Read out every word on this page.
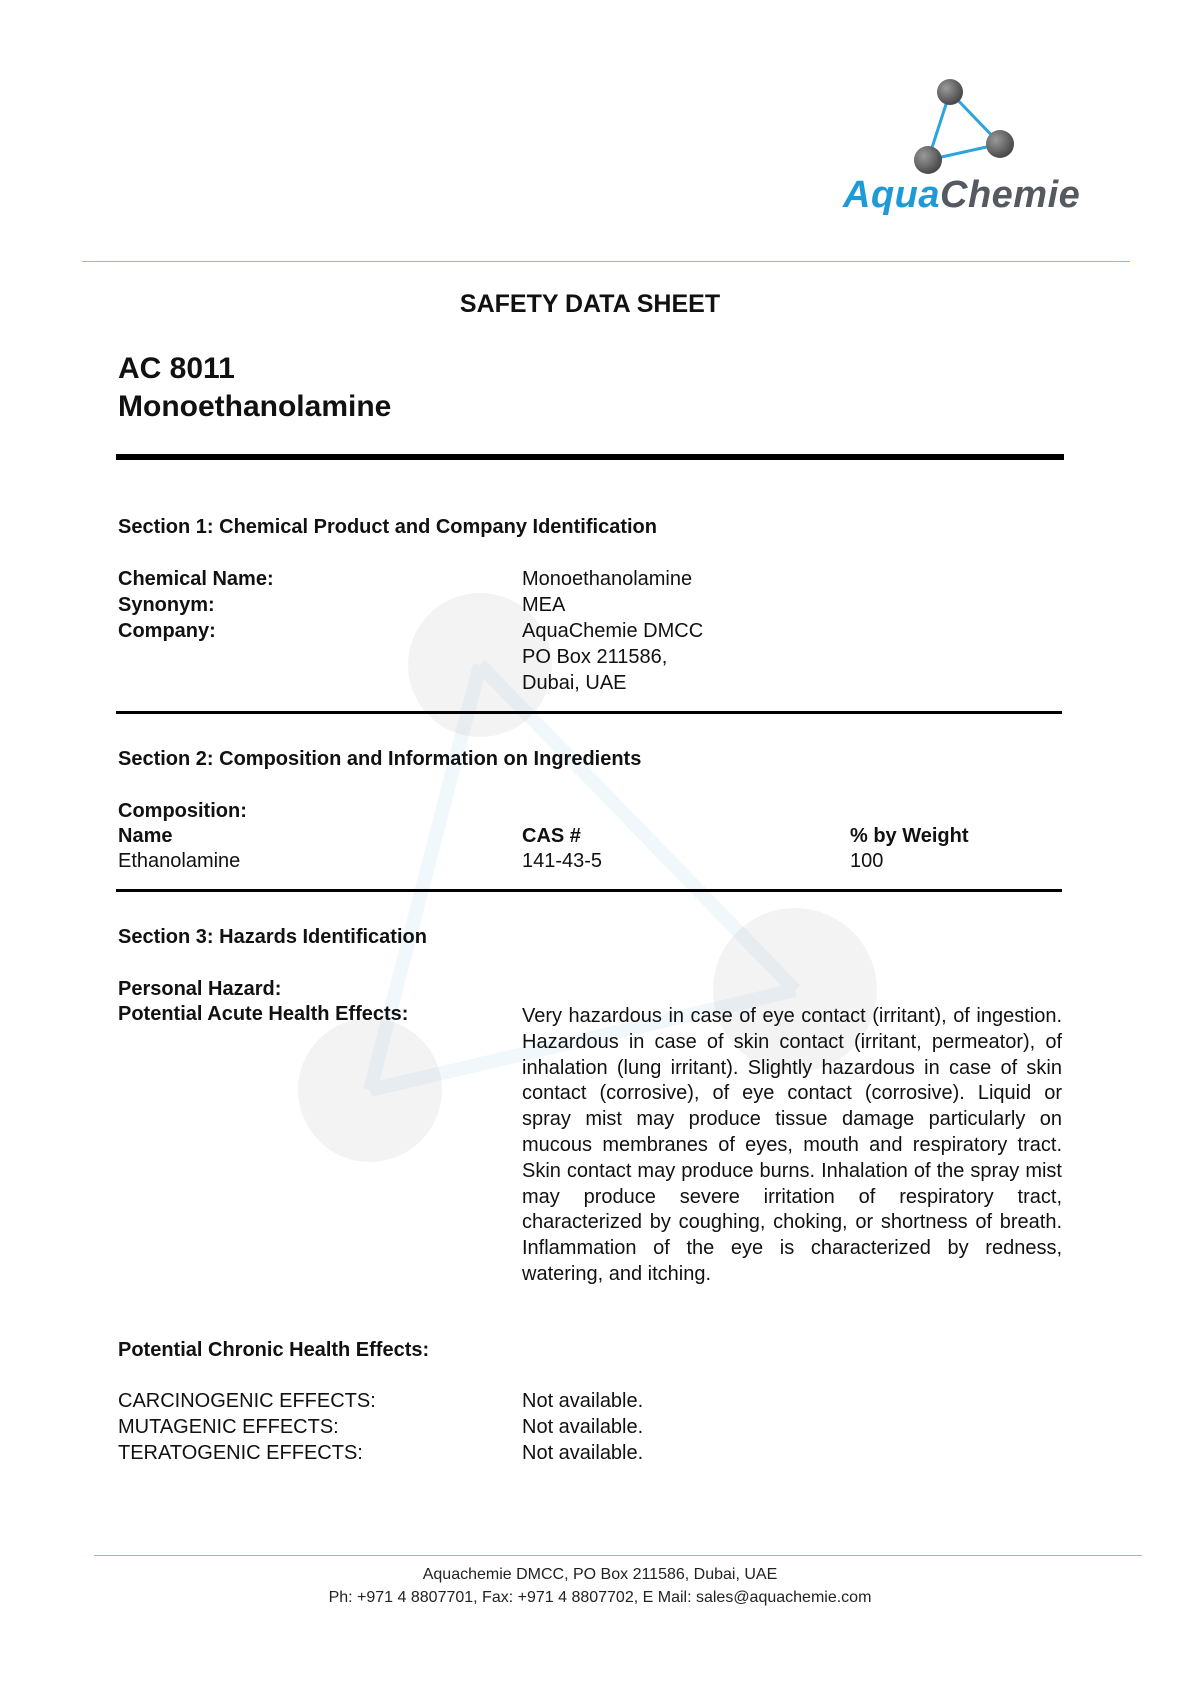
AquaChemie
SAFETY DATA SHEET
AC 8011
Monoethanolamine
Section 1: Chemical Product and Company Identification
Chemical Name:	Monoethanolamine
Synonym:	MEA
Company:	AquaChemie DMCC
PO Box 211586,
Dubai, UAE
Section 2: Composition and Information on Ingredients
Composition:
Name	CAS #	% by Weight
Ethanolamine	141-43-5	100
Section 3: Hazards Identification
Personal Hazard:
Potential Acute Health Effects:	Very hazardous in case of eye contact (irritant), of ingestion. Hazardous in case of skin contact (irritant, permeator), of inhalation (lung irritant). Slightly hazardous in case of skin contact (corrosive), of eye contact (corrosive). Liquid or spray mist may produce tissue damage particularly on mucous membranes of eyes, mouth and respiratory tract. Skin contact may produce burns. Inhalation of the spray mist may produce severe irritation of respiratory tract, characterized by coughing, choking, or shortness of breath. Inflammation of the eye is characterized by redness, watering, and itching.

Potential Chronic Health Effects:
CARCINOGENIC EFFECTS:	Not available.
MUTAGENIC EFFECTS:	Not available.
TERATOGENIC EFFECTS:	Not available.
Aquachemie DMCC, PO Box 211586, Dubai, UAE
Ph: +971 4 8807701, Fax: +971 4 8807702, E Mail: sales@aquachemie.com
